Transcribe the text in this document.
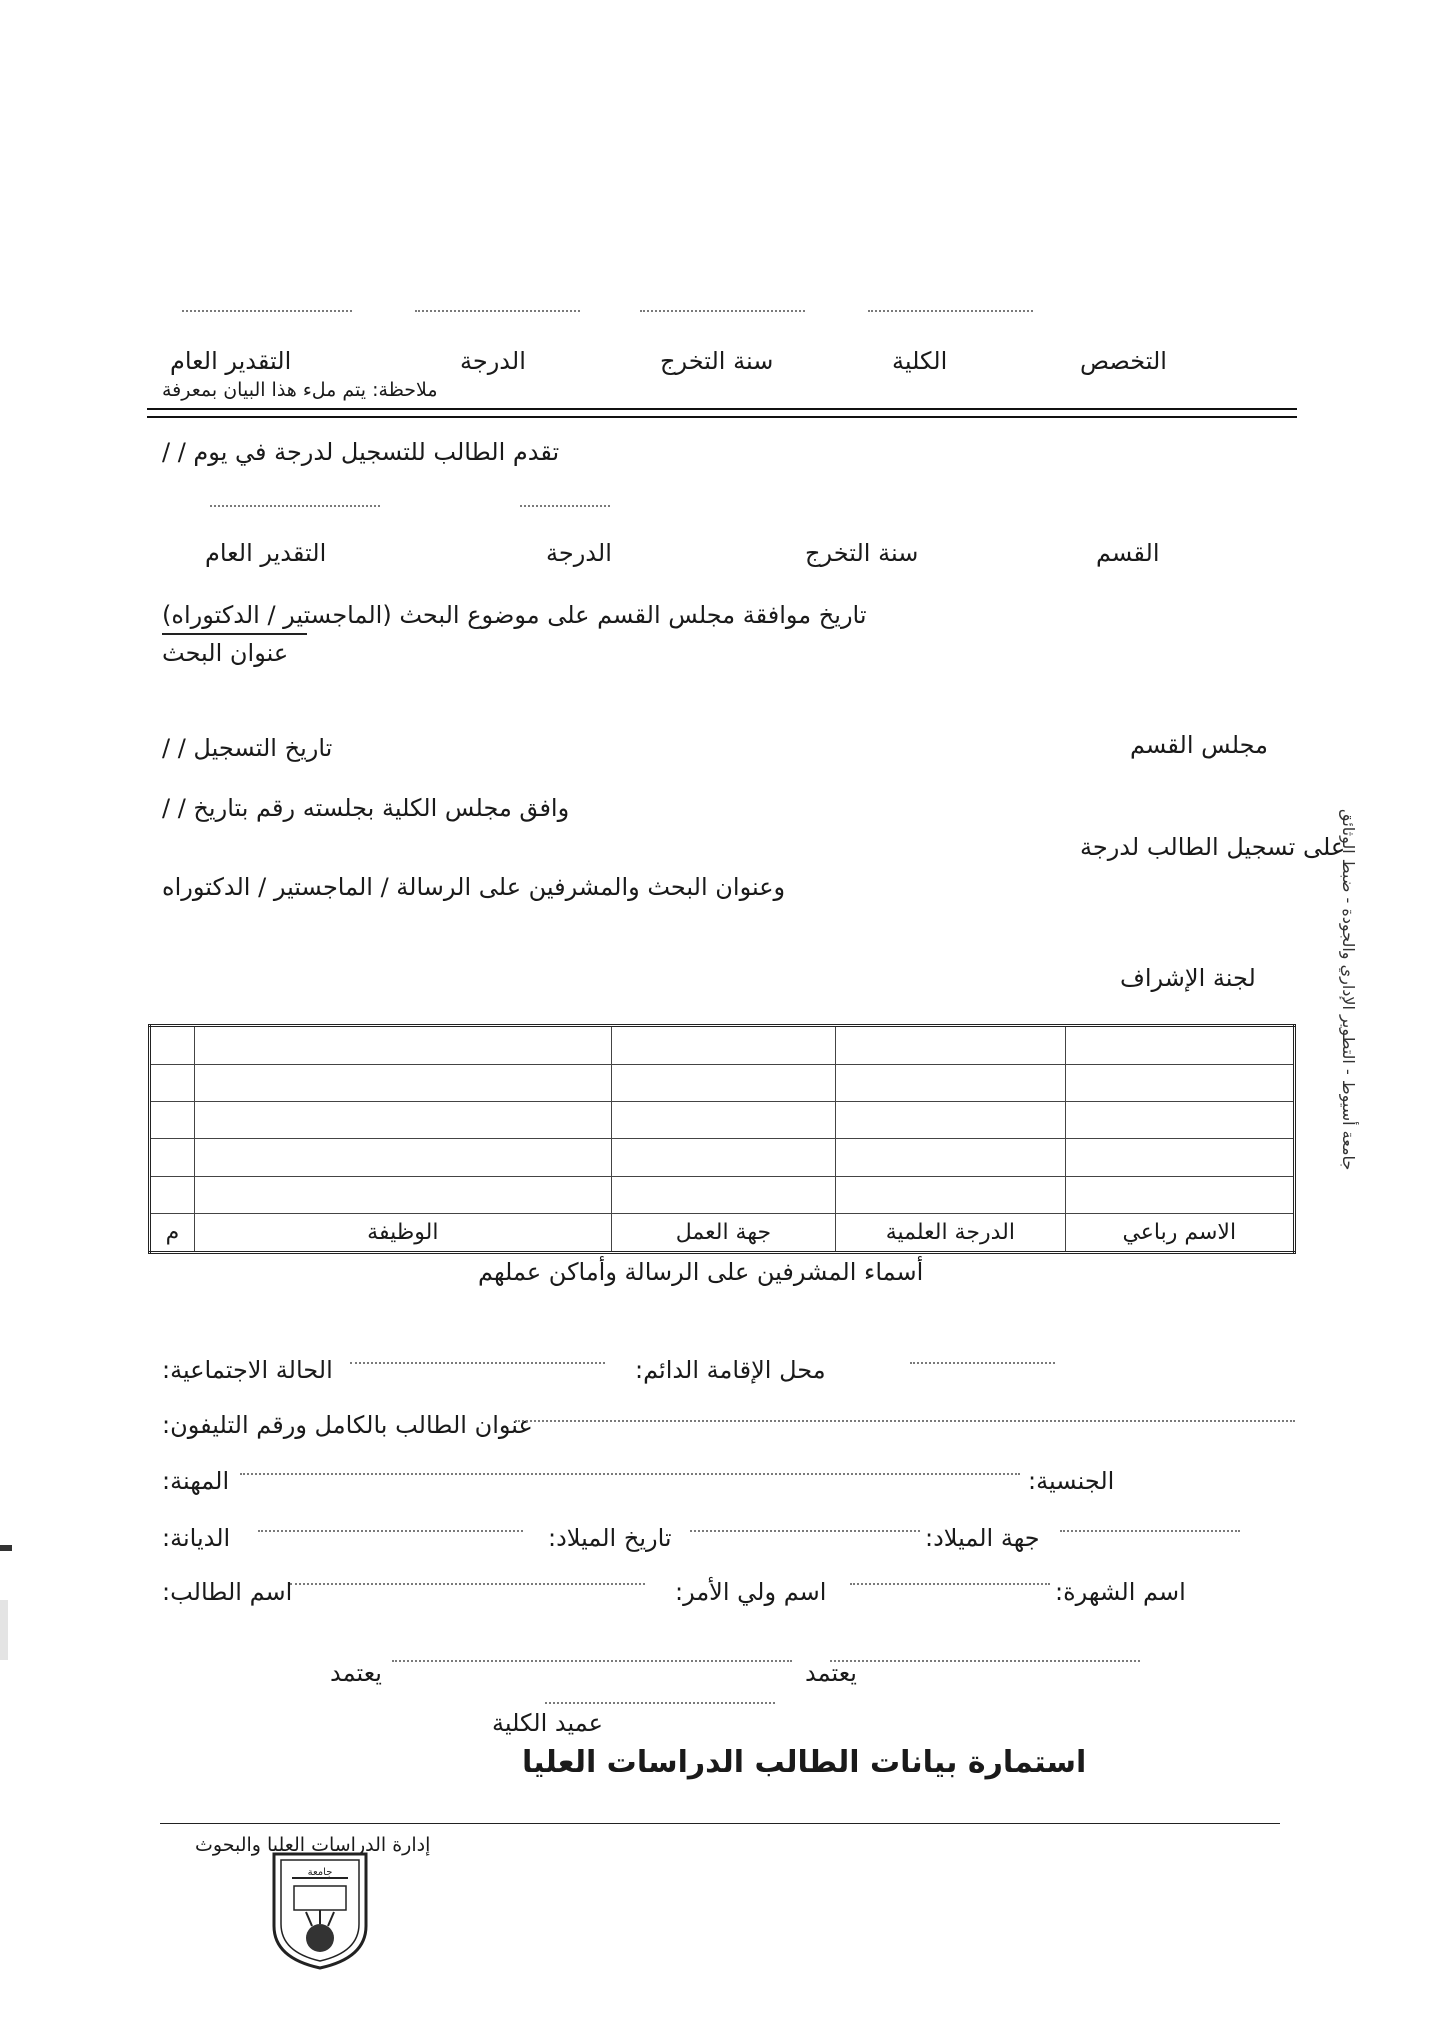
التخصص
الكلية
سنة التخرج
الدرجة
التقدير العام
ملاحظة: يتم ملء هذا البيان بمعرفة
تقدم الطالب للتسجيل لدرجة في يوم / /
القسم
سنة التخرج
الدرجة
التقدير العام
تاريخ موافقة مجلس القسم على موضوع البحث (الماجستير / الدكتوراه)
عنوان البحث
تاريخ التسجيل / /	مجلس القسم
وافق مجلس الكلية بجلسته رقم بتاريخ / /
على تسجيل الطالب لدرجة
وعنوان البحث والمشرفين على الرسالة / الماجستير / الدكتوراه
لجنة الإشراف

م	الوظيفة	جهة العمل	الدرجة العلمية	الاسم رباعي
أسماء المشرفين على الرسالة وأماكن عملهم
الحالة الاجتماعية:	محل الإقامة الدائم:
عنوان الطالب بالكامل ورقم التليفون:
المهنة:	الجنسية:
الديانة:	تاريخ الميلاد:	جهة الميلاد:
اسم الطالب:	اسم ولي الأمر:	اسم الشهرة:
يعتمد	يعتمد
عميد الكلية
استمارة بيانات الطالب الدراسات العليا
إدارة الدراسات العليا والبحوث
جامعة
جامعة أسيوط - التطوير الإداري والجودة - ضبط الوثائق
